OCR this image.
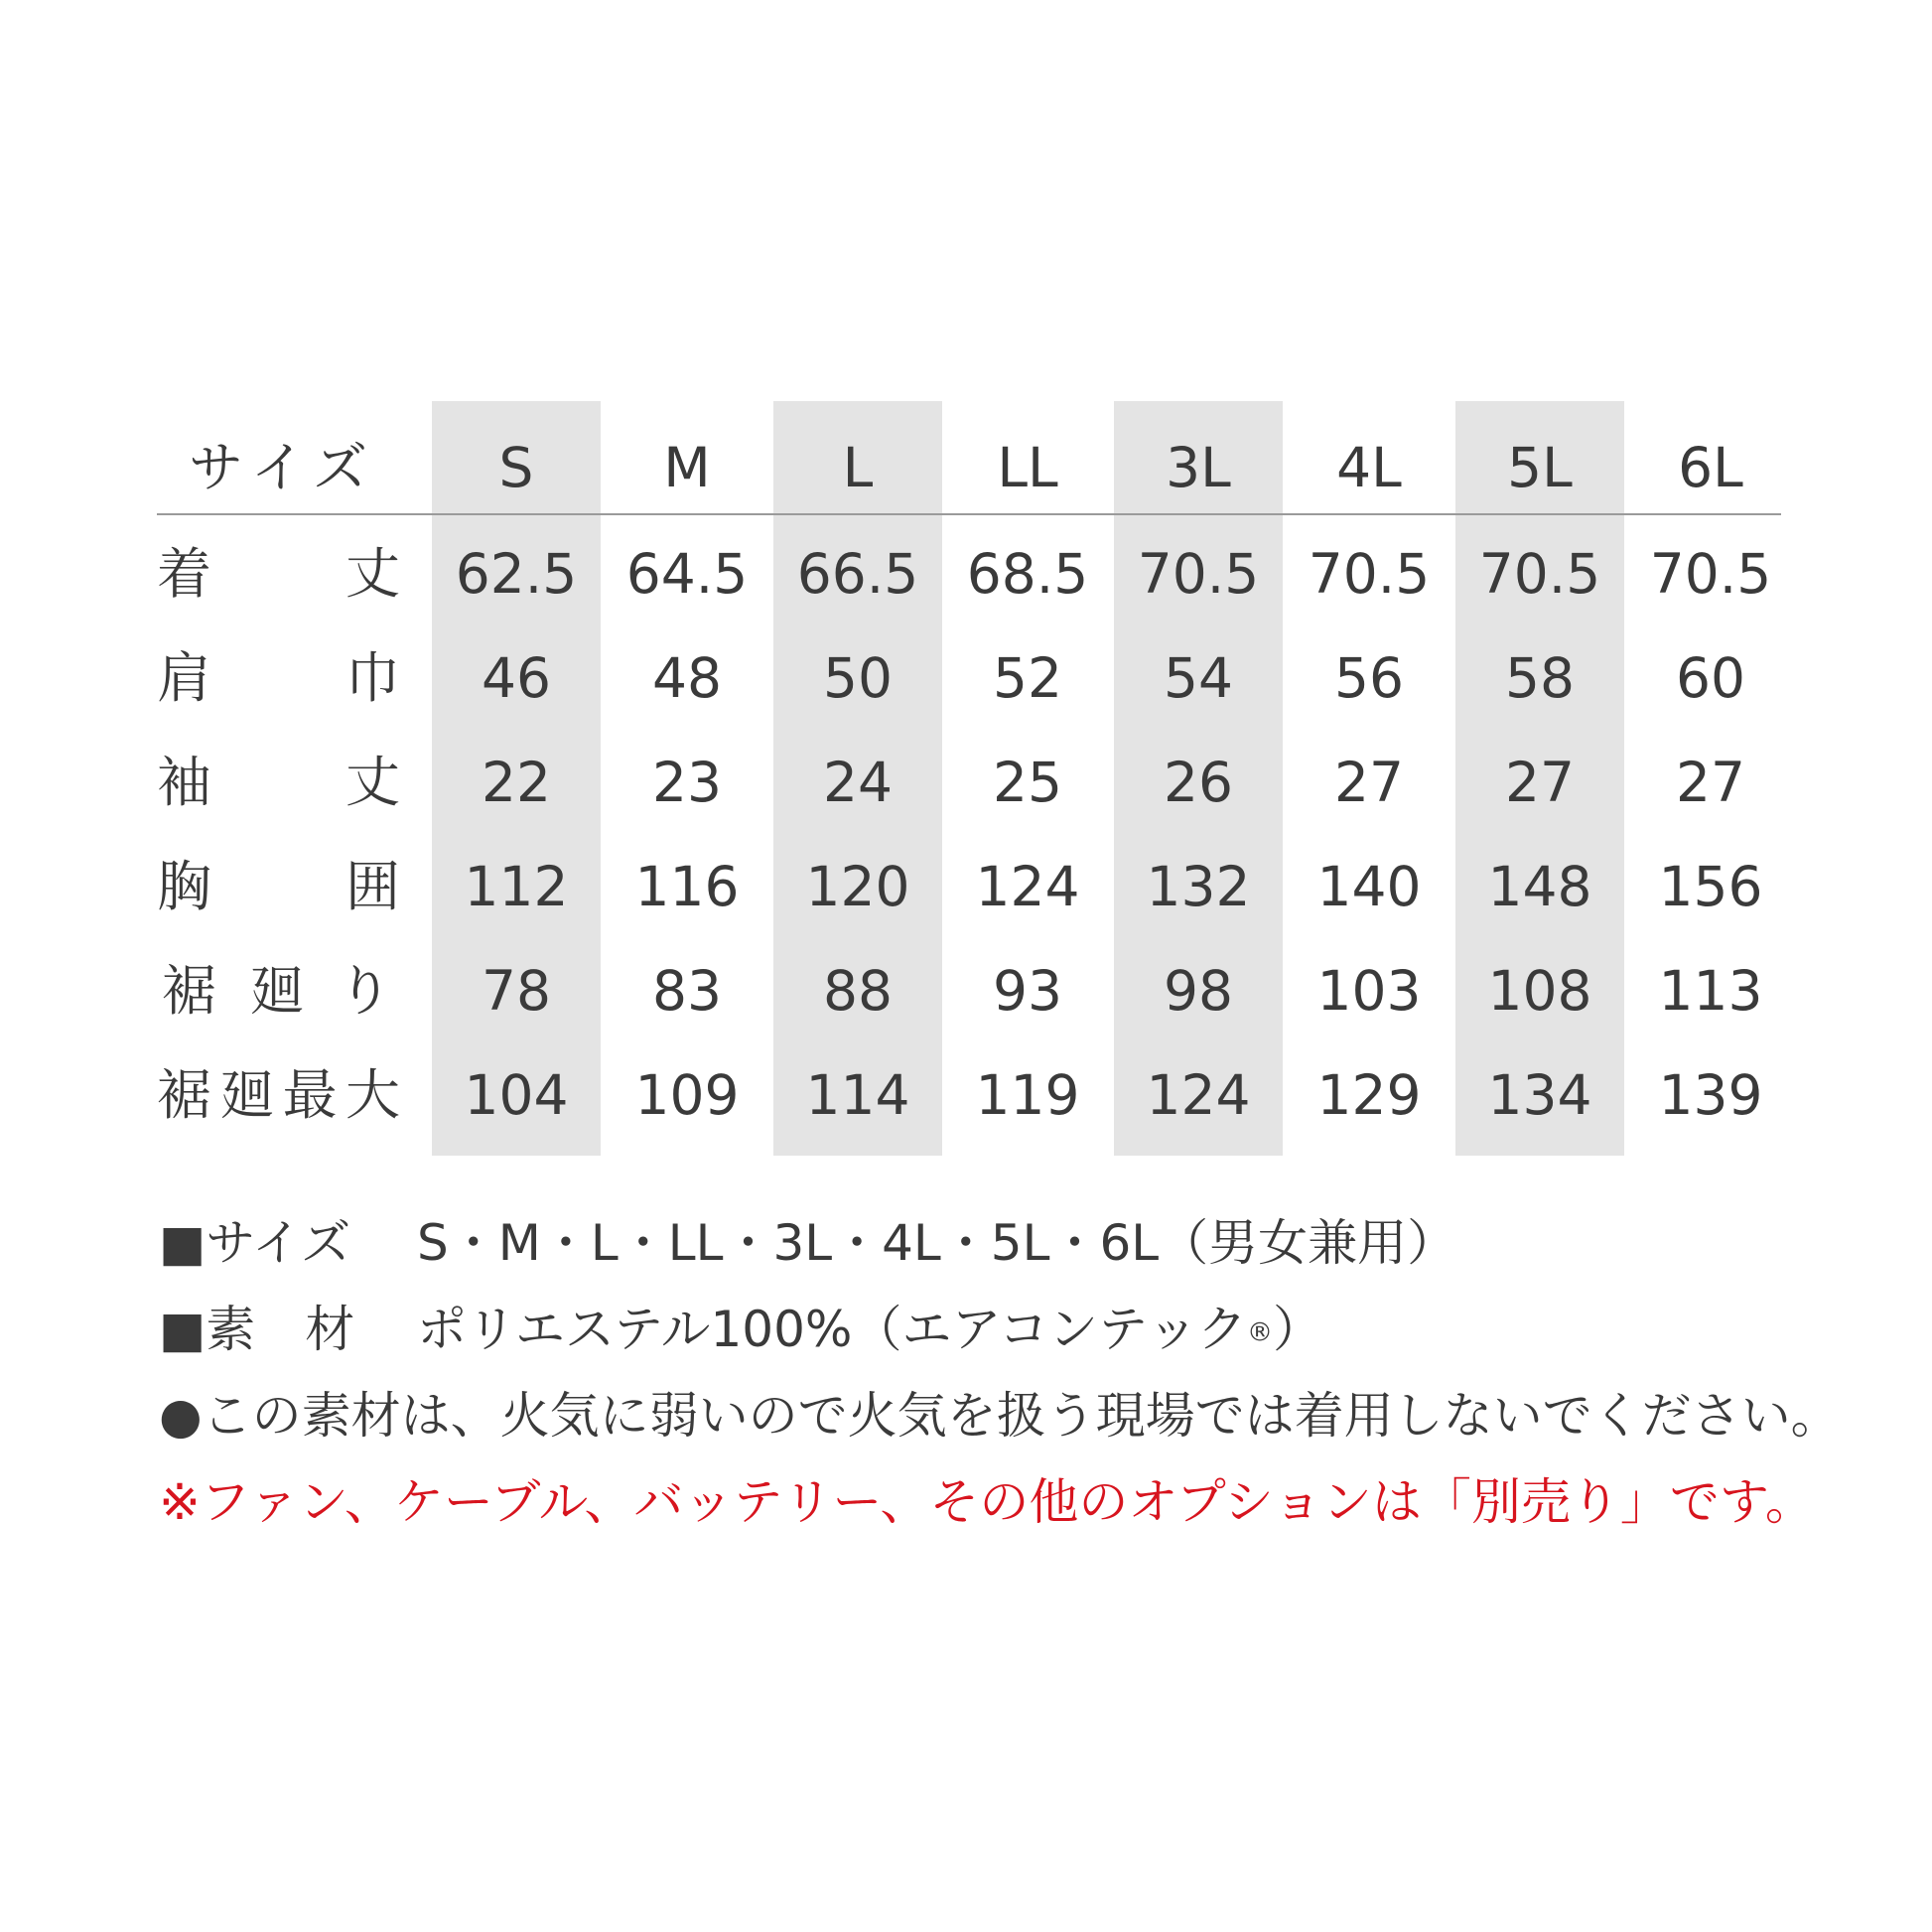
サ イ ズ	S	M	L	LL	3L	4L	5L	6L
着 丈	62.5 64.5 66.5 68.5 70.5 70.5 70.5 70.5
肩 巾	46	48	50	52	54	56	58	60
袖 丈	22	23	24	25	26	27	27	27
胸 囲	112	116	120	124	132	140	148	156
裾 廻 り	78	83	88	93	98	103	108	113
裾 廻 最 大	104	109	114	119	124	129	134	139
■サイズ S・M・L・LL・3L・4L・5L・6L（男女兼用）
■素　材 ポリエステル100%（エアコンテック®）
●この素材は、火気に弱いので火気を扱う現場では着用しないでください。
※ファン、ケーブル、バッテリー、その他のオプションは「別売り」です。
